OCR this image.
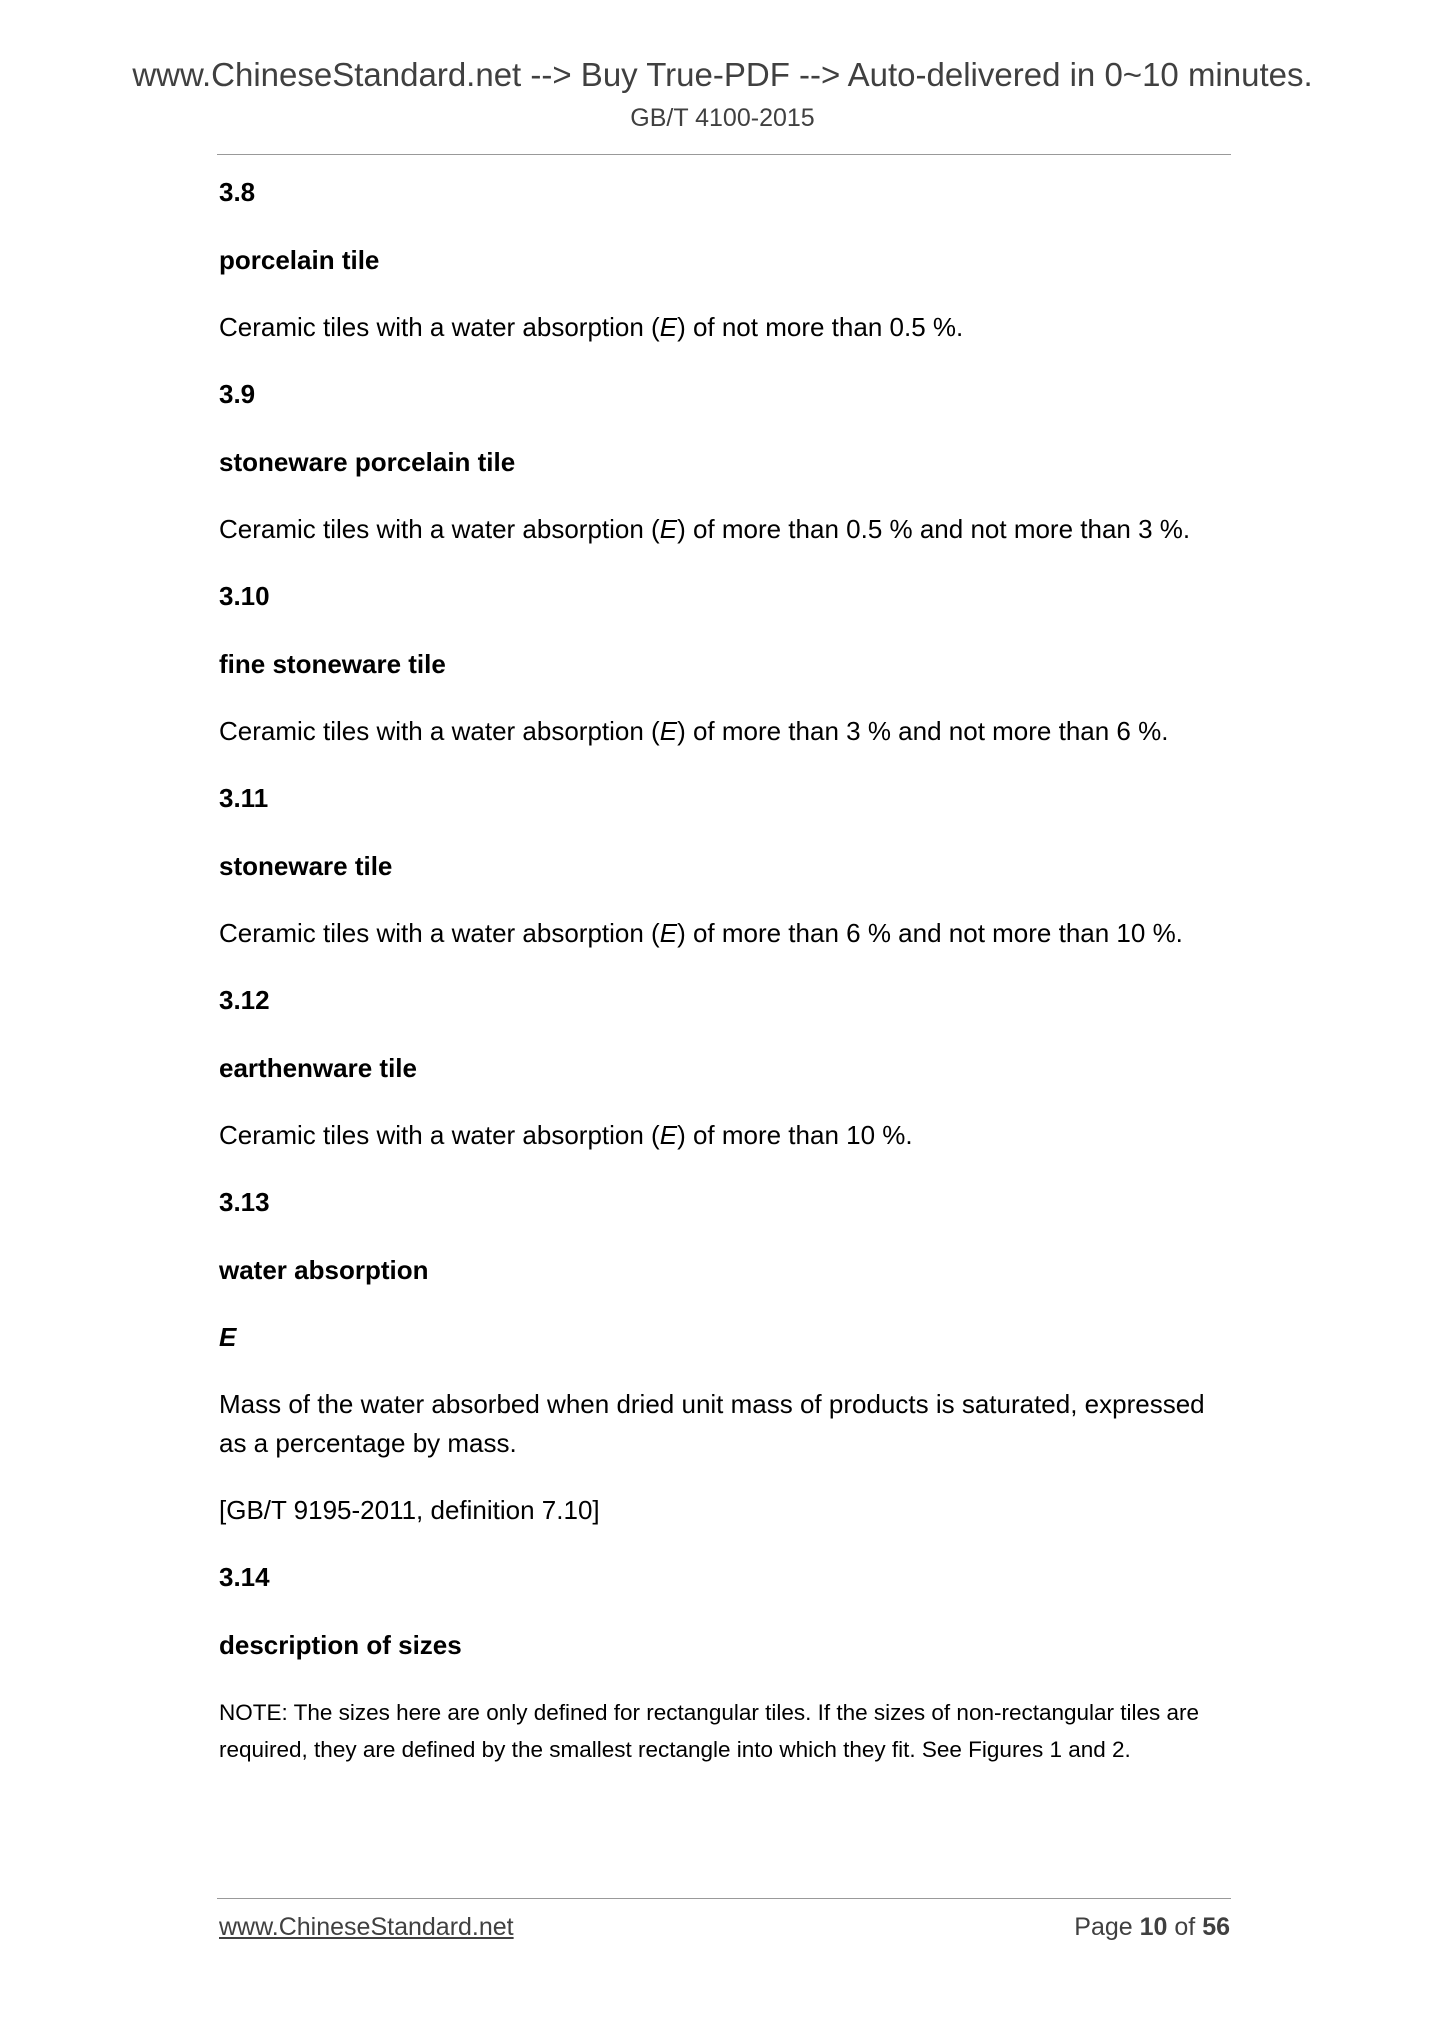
www.ChineseStandard.net --> Buy True-PDF --> Auto-delivered in 0~10 minutes.
GB/T 4100-2015
3.8
porcelain tile
Ceramic tiles with a water absorption (E) of not more than 0.5 %.
3.9
stoneware porcelain tile
Ceramic tiles with a water absorption (E) of more than 0.5 % and not more than 3 %.
3.10
fine stoneware tile
Ceramic tiles with a water absorption (E) of more than 3 % and not more than 6 %.
3.11
stoneware tile
Ceramic tiles with a water absorption (E) of more than 6 % and not more than 10 %.
3.12
earthenware tile
Ceramic tiles with a water absorption (E) of more than 10 %.
3.13
water absorption
E
Mass of the water absorbed when dried unit mass of products is saturated, expressed as a percentage by mass.
[GB/T 9195-2011, definition 7.10]
3.14
description of sizes
NOTE: The sizes here are only defined for rectangular tiles. If the sizes of non-rectangular tiles are required, they are defined by the smallest rectangle into which they fit. See Figures 1 and 2.
www.ChineseStandard.net	Page 10 of 56
